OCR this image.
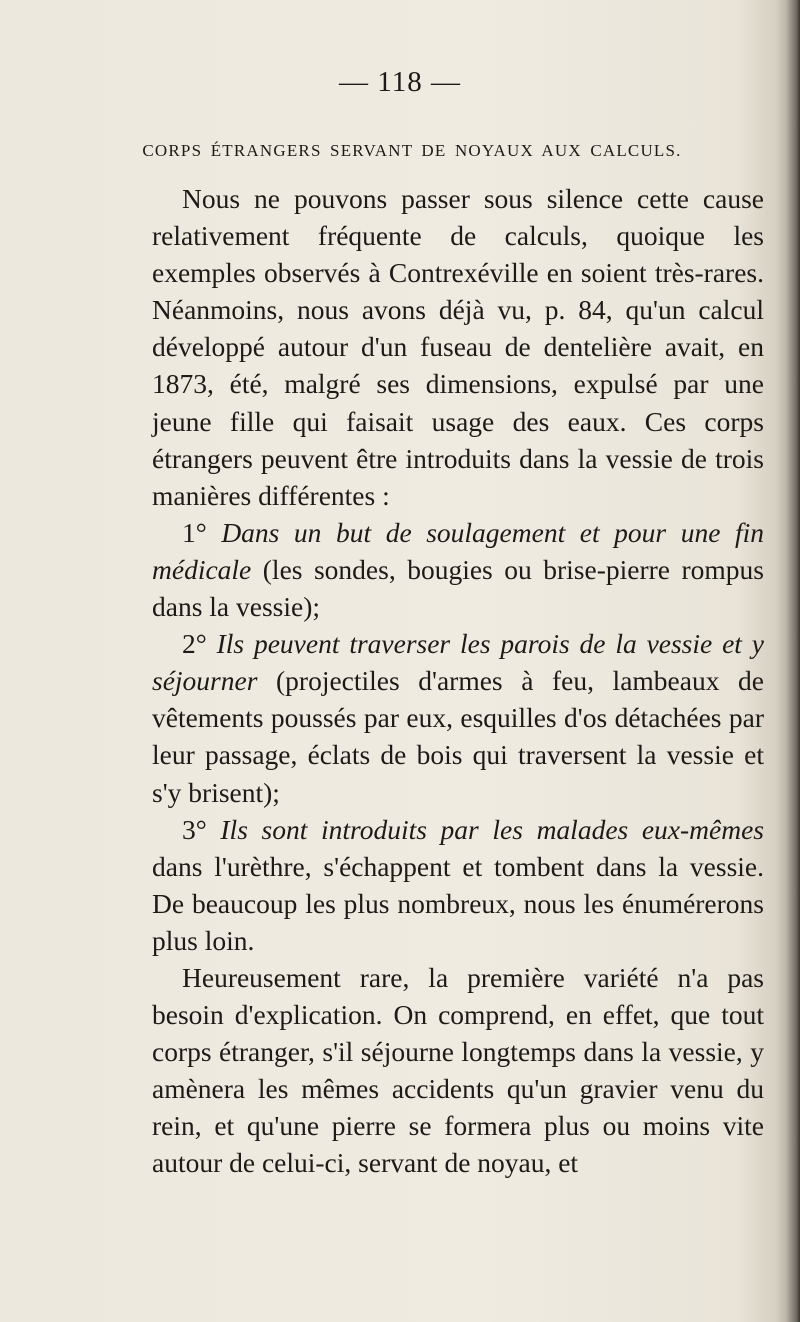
— 118 —
CORPS ÉTRANGERS SERVANT DE NOYAUX AUX CALCULS.

Nous ne pouvons passer sous silence cette cause relativement fréquente de calculs, quoique les exemples observés à Contrexéville en soient très-rares. Néanmoins, nous avons déjà vu, p. 84, qu'un calcul développé autour d'un fuseau de dentelière avait, en 1873, été, malgré ses dimensions, expulsé par une jeune fille qui faisait usage des eaux. Ces corps étrangers peuvent être introduits dans la vessie de trois manières différentes :

1° Dans un but de soulagement et pour une fin médicale (les sondes, bougies ou brise-pierre rompus dans la vessie);

2° Ils peuvent traverser les parois de la vessie et y séjourner (projectiles d'armes à feu, lambeaux de vêtements poussés par eux, esquilles d'os détachées par leur passage, éclats de bois qui traversent la vessie et s'y brisent);

3° Ils sont introduits par les malades eux-mêmes dans l'urèthre, s'échappent et tombent dans la vessie. De beaucoup les plus nombreux, nous les énumérerons plus loin.

Heureusement rare, la première variété n'a pas besoin d'explication. On comprend, en effet, que tout corps étranger, s'il séjourne longtemps dans la vessie, y amènera les mêmes accidents qu'un gravier venu du rein, et qu'une pierre se formera plus ou moins vite autour de celui-ci, servant de noyau, et
